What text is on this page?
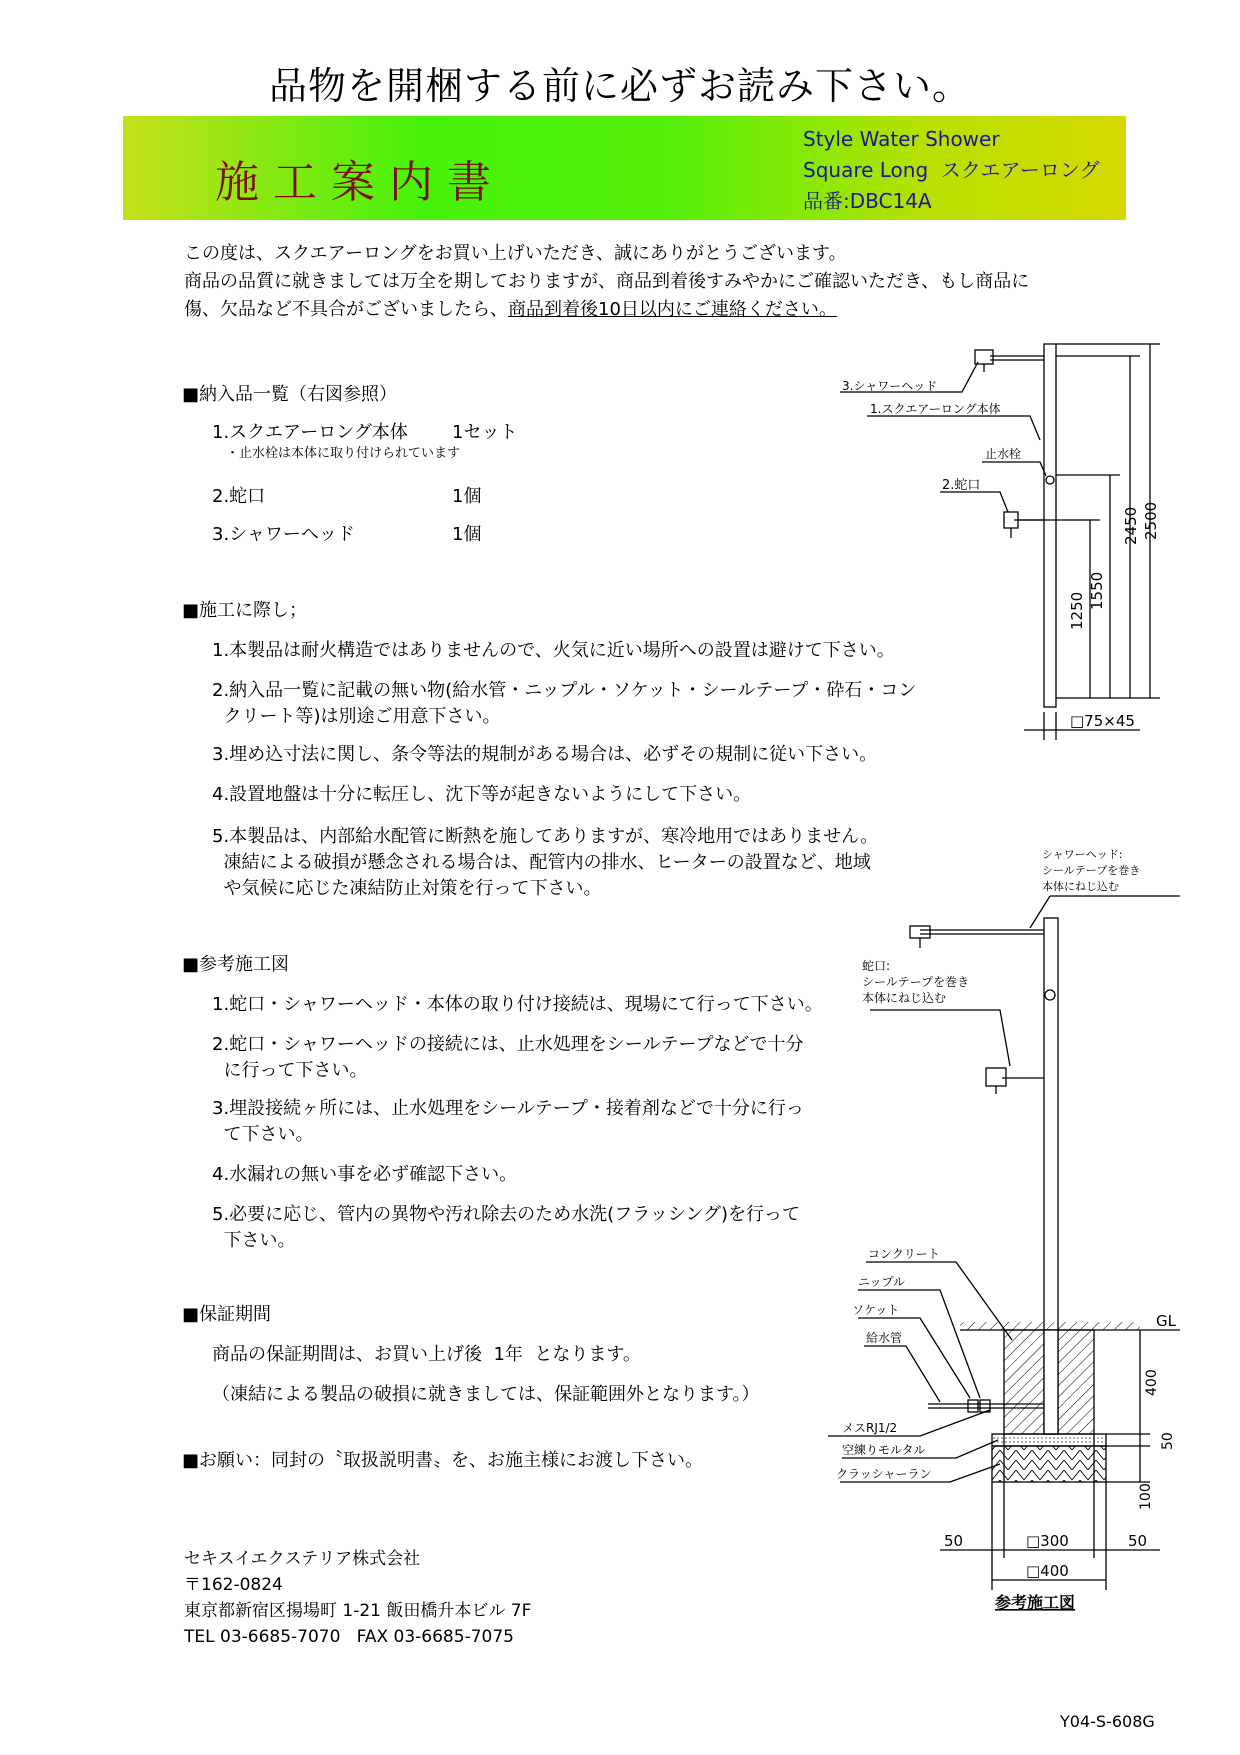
品物を開梱する前に必ずお読み下さい。
施工案内書
Style Water Shower
Square Long  スクエアーロング
品番:DBC14A
この度は、スクエアーロングをお買い上げいただき、誠にありがとうございます。
商品の品質に就きましては万全を期しておりますが、商品到着後すみやかにご確認いただき、もし商品に
傷、欠品など不具合がございましたら、商品到着後10日以内にご連絡ください。
■納入品一覧（右図参照）
1.スクエアーロング本体 1セット
・止水栓は本体に取り付けられています
2.蛇口	1個
3.シャワーヘッド	1個
■施工に際し；
1.本製品は耐火構造ではありませんので、火気に近い場所への設置は避けて下さい。
2.納入品一覧に記載の無い物(給水管・ニップル・ソケット・シールテープ・砕石・コン
クリート等)は別途ご用意下さい。
3.埋め込寸法に関し、条令等法的規制がある場合は、必ずその規制に従い下さい。
4.設置地盤は十分に転圧し、沈下等が起きないようにして下さい。
5.本製品は、内部給水配管に断熱を施してありますが、寒冷地用ではありません。
凍結による破損が懸念される場合は、配管内の排水、ヒーターの設置など、地域
や気候に応じた凍結防止対策を行って下さい。
■参考施工図
1.蛇口・シャワーヘッド・本体の取り付け接続は、現場にて行って下さい。
2.蛇口・シャワーヘッドの接続には、止水処理をシールテープなどで十分
に行って下さい。
3.埋設接続ヶ所には、止水処理をシールテープ・接着剤などで十分に行っ
て下さい。
4.水漏れの無い事を必ず確認下さい。
5.必要に応じ、管内の異物や汚れ除去のため水洗(フラッシング)を行って
下さい。
■保証期間
商品の保証期間は、お買い上げ後  1年  となります。
（凍結による製品の破損に就きましては、保証範囲外となります。）
■お願い：同封の〝取扱説明書〟を、お施主様にお渡し下さい。
セキスイエクステリア株式会社
〒162-0824
東京都新宿区揚場町 1-21 飯田橋升本ビル 7F
TEL 03-6685-7070   FAX 03-6685-7075
Y04-S-608G
3.シャワーヘッド
1.スクエアーロング本体
止水栓
2.蛇口
2500
2450
1550
1250
□75×45
シャワーヘッド:
シールテープを巻き
本体にねじ込む
蛇口:
シールテープを巻き
本体にねじ込む
コンクリート
ニップル
ソケット
給水管
メスRJ1/2
空練りモルタル
クラッシャーラン
GL
400
50
100
50	□300	50
□400
参考施工図
